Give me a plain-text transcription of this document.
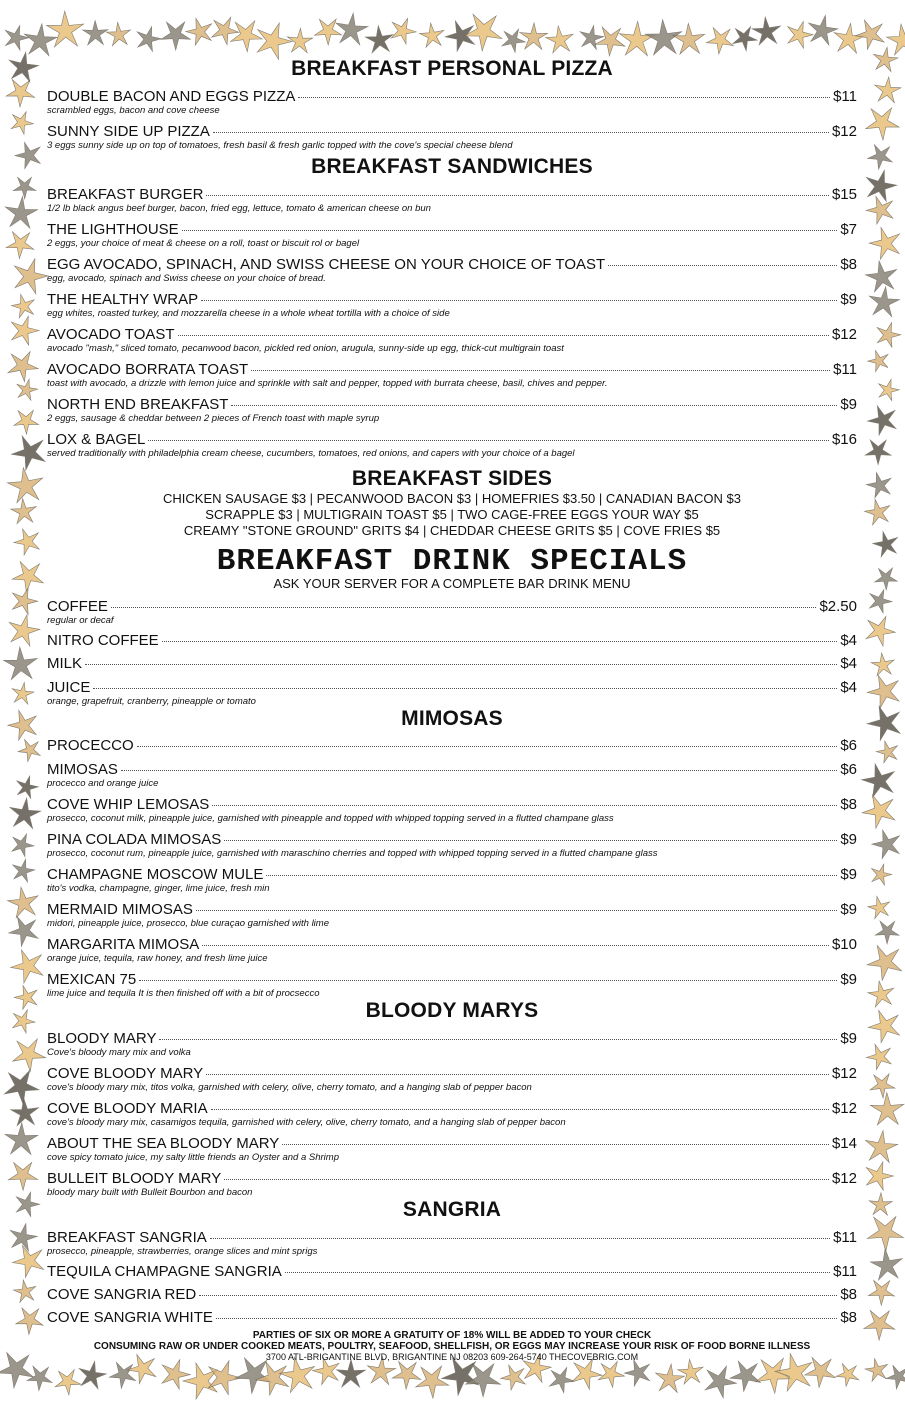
BREAKFAST PERSONAL PIZZA
DOUBLE BACON AND EGGS PIZZA	$11
scrambled eggs, bacon and cove cheese
SUNNY SIDE UP PIZZA	$12
3 eggs sunny side up on top of tomatoes, fresh basil & fresh garlic topped with the cove's special cheese blend
BREAKFAST SANDWICHES
BREAKFAST BURGER	$15
1/2 lb black angus beef burger, bacon, fried egg, lettuce, tomato & american cheese on bun
THE LIGHTHOUSE	$7
2 eggs, your choice of meat & cheese on a roll, toast or biscuit rol or bagel
EGG AVOCADO, SPINACH, AND SWISS CHEESE ON YOUR CHOICE OF TOAST	$8
egg, avocado, spinach and Swiss cheese on your choice of bread.
THE HEALTHY WRAP	$9
egg whites, roasted turkey, and mozzarella cheese in a whole wheat tortilla with a choice of side
AVOCADO TOAST	$12
avocado "mash," sliced tomato, pecanwood bacon, pickled red onion, arugula, sunny-side up egg, thick-cut multigrain toast
AVOCADO BORRATA TOAST	$11
toast with avocado, a drizzle with lemon juice and sprinkle with salt and pepper, topped with burrata cheese, basil, chives and pepper.
NORTH END BREAKFAST	$9
2 eggs, sausage & cheddar between 2 pieces of French toast with maple syrup
LOX & BAGEL	$16
served traditionally with philadelphia cream cheese, cucumbers, tomatoes, red onions, and capers with your choice of a bagel
BREAKFAST SIDES
CHICKEN SAUSAGE $3 | PECANWOOD BACON $3 | HOMEFRIES $3.50 | CANADIAN BACON $3
SCRAPPLE $3 | MULTIGRAIN TOAST $5 | TWO CAGE-FREE EGGS YOUR WAY $5
CREAMY "STONE GROUND" GRITS $4 | CHEDDAR CHEESE GRITS $5 | COVE FRIES $5
BREAKFAST DRINK SPECIALS
ASK YOUR SERVER FOR A COMPLETE BAR DRINK MENU
COFFEE	$2.50
regular or decaf
NITRO COFFEE	$4
MILK	$4
JUICE	$4
orange, grapefruit, cranberry, pineapple or tomato
MIMOSAS
PROCECCO	$6
MIMOSAS	$6
procecco and orange juice
COVE WHIP LEMOSAS	$8
prosecco, coconut milk, pineapple juice, garnished with pineapple and topped with whipped topping served in a flutted champane glass
PINA COLADA MIMOSAS	$9
prosecco, coconut rum, pineapple juice, garnished with maraschino cherries and topped with whipped topping served in a flutted champane glass
CHAMPAGNE MOSCOW MULE	$9
tito's vodka, champagne, ginger, lime juice, fresh min
MERMAID MIMOSAS	$9
midori, pineapple juice, prosecco, blue curaçao garnished with lime
MARGARITA MIMOSA	$10
orange juice, tequila, raw honey, and fresh lime juice
MEXICAN 75	$9
lime juice and tequila It is then finished off with a bit of procsecco
BLOODY MARYS
BLOODY MARY	$9
Cove's bloody mary mix and volka
COVE BLOODY MARY	$12
cove's bloody mary mix, titos volka, garnished with celery, olive, cherry tomato, and a hanging slab of pepper bacon
COVE BLOODY MARIA	$12
cove's bloody mary mix, casamigos tequila, garnished with celery, olive, cherry tomato, and a hanging slab of pepper bacon
ABOUT THE SEA BLOODY MARY	$14
cove spicy tomato juice, my salty little friends an Oyster and a Shrimp
BULLEIT BLOODY MARY	$12
bloody mary built with Bulleit Bourbon and bacon
SANGRIA
BREAKFAST SANGRIA	$11
prosecco, pineapple, strawberries, orange slices and mint sprigs
TEQUILA CHAMPAGNE SANGRIA	$11
COVE SANGRIA RED	$8
COVE SANGRIA WHITE	$8
PARTIES OF SIX OR MORE A GRATUITY OF 18% WILL BE ADDED TO YOUR CHECK
CONSUMING RAW OR UNDER COOKED MEATS, POULTRY, SEAFOOD, SHELLFISH, OR EGGS MAY INCREASE YOUR RISK OF FOOD BORNE ILLNESS
3700 ATL-BRIGANTINE BLVD, BRIGANTINE NJ 08203 609-264-5740 THECOVEBRIG.COM
